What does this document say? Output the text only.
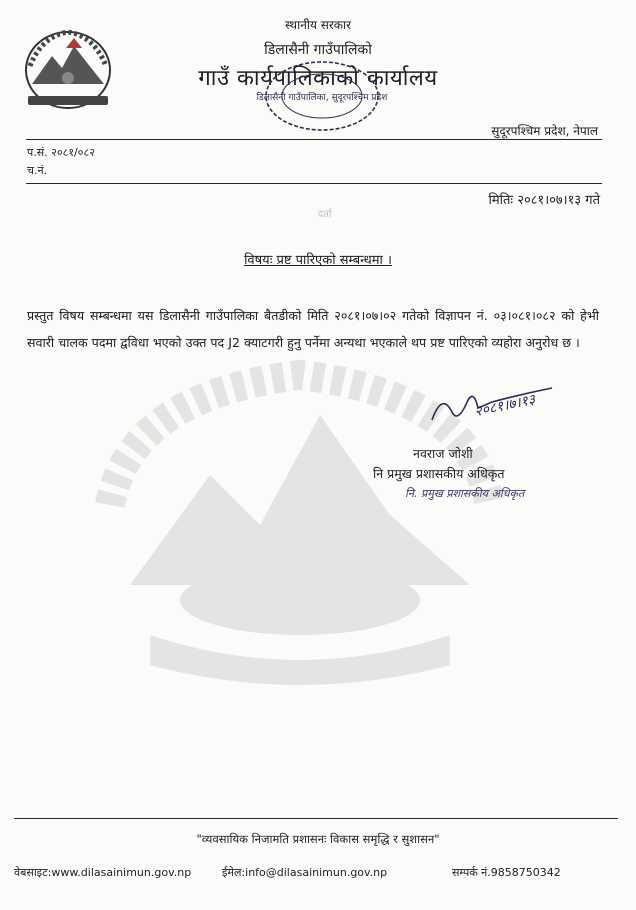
स्थानीय सरकार
डिलासैनी गाउँपालिको
गाउँ कार्यपालिकाको कार्यालय
डिलासैनी गाउँपालिका, सुदूरपश्चिम प्रदेश
सुदूरपश्चिम प्रदेश, नेपाल
प.सं. २०८१/०८२
च.नं.
मितिः २०८१।०७।१३ गते
दर्ता
विषयः प्रष्ट पारिएको सम्बन्धमा ।
प्रस्तुत विषय सम्बन्धमा यस डिलासैनी गाउँपालिका बैतडीको मिति २०८१।०७।०२ गतेको विज्ञापन नं. ०३।०८१।०८२ को हेभी सवारी चालक पदमा द्वविधा भएको उक्त पद J2 क्याटगरी हुनु पर्नेमा अन्यथा भएकाले थप प्रष्ट पारिएको व्यहोरा अनुरोध छ ।
२०८१।७।१३
नवराज जोशी
नि प्रमुख प्रशासकीय अधिकृत
नि. प्रमुख प्रशासकीय अधिकृत
"व्यवसायिक निजामति प्रशासनः विकास समृद्धि र सुशासन"
वेबसाइट:www.dilasainimun.gov.np	ईमेल:info@dilasainimun.gov.np	सम्पर्क नं.9858750342
